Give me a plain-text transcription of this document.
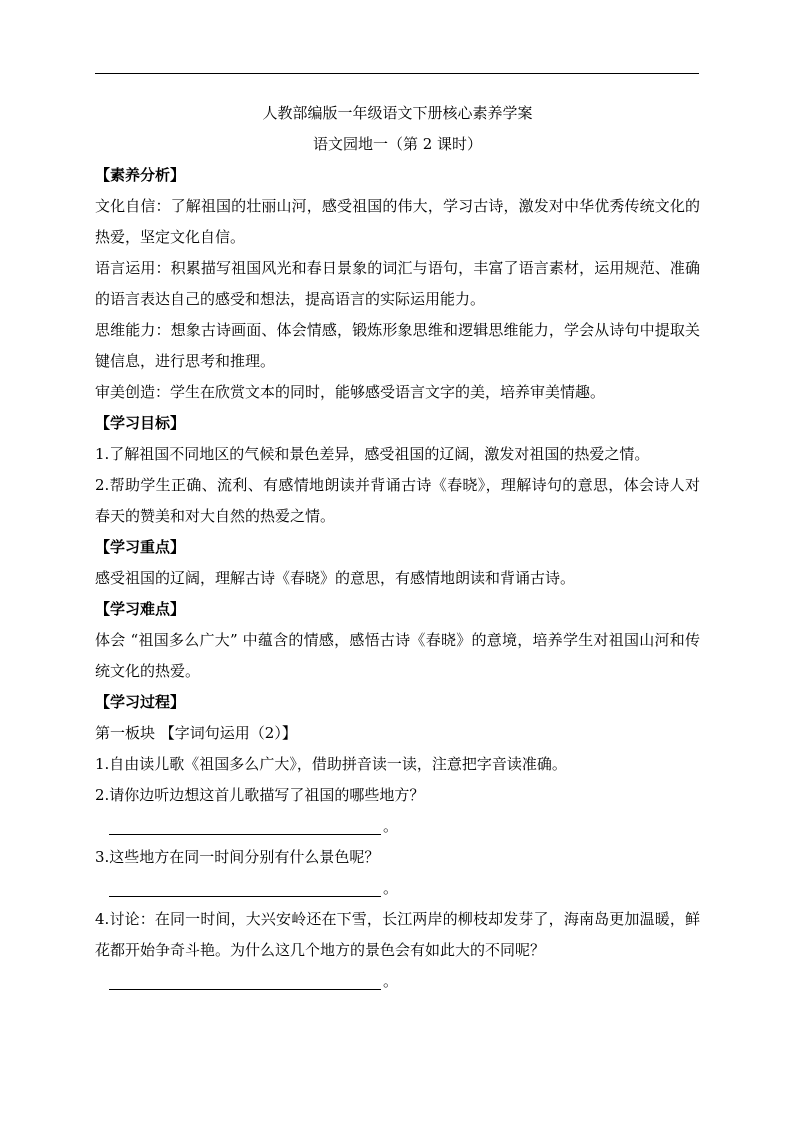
人教部编版一年级语文下册核心素养学案
语文园地一（第 2 课时）
【素养分析】

文化自信：了解祖国的壮丽山河，感受祖国的伟大，学习古诗，激发对中华优秀传统文化的热爱，坚定文化自信。

语言运用：积累描写祖国风光和春日景象的词汇与语句，丰富了语言素材，运用规范、准确的语言表达自己的感受和想法，提高语言的实际运用能力。

思维能力：想象古诗画面、体会情感，锻炼形象思维和逻辑思维能力，学会从诗句中提取关键信息，进行思考和推理。

审美创造：学生在欣赏文本的同时，能够感受语言文字的美，培养审美情趣。

【学习目标】

1.了解祖国不同地区的气候和景色差异，感受祖国的辽阔，激发对祖国的热爱之情。

2.帮助学生正确、流利、有感情地朗读并背诵古诗《春晓》，理解诗句的意思，体会诗人对春天的赞美和对大自然的热爱之情。

【学习重点】

感受祖国的辽阔，理解古诗《春晓》的意思，有感情地朗读和背诵古诗。

【学习难点】

体会 “祖国多么广大” 中蕴含的情感，感悟古诗《春晓》的意境，培养学生对祖国山河和传统文化的热爱。

【学习过程】
第一板块 【字词句运用（2）】
1.自由读儿歌《祖国多么广大》，借助拼音读一读，注意把字音读准确。
2.请你边听边想这首儿歌描写了祖国的哪些地方？
。
3.这些地方在同一时间分别有什么景色呢？
。

4.讨论：在同一时间，大兴安岭还在下雪，长江两岸的柳枝却发芽了，海南岛更加温暖，鲜花都开始争奇斗艳。为什么这几个地方的景色会有如此大的不同呢？

。
